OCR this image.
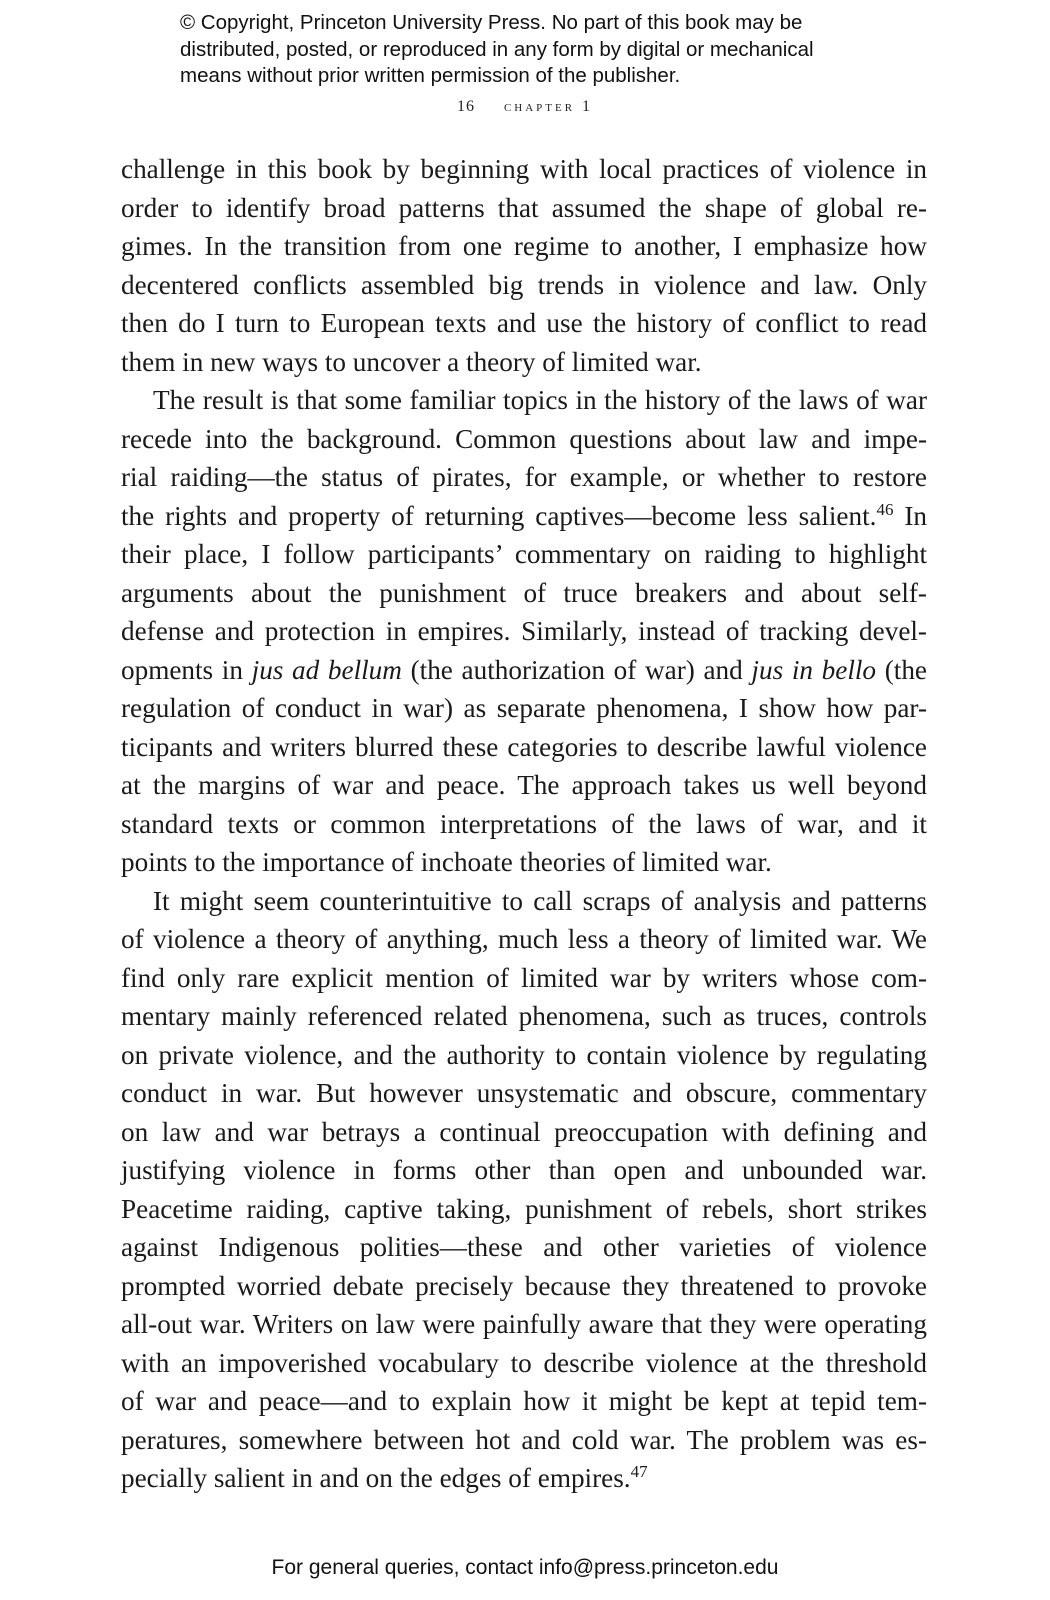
© Copyright, Princeton University Press. No part of this book may be
distributed, posted, or reproduced in any form by digital or mechanical
means without prior written permission of the publisher.
16 chapter 1
challenge in this book by beginning with local practices of violence in
order to identify broad patterns that assumed the shape of global re-
gimes. In the transition from one regime to another, I emphasize how
decentered conflicts assembled big trends in violence and law. Only
then do I turn to European texts and use the history of conflict to read
them in new ways to uncover a theory of limited war.
The result is that some familiar topics in the history of the laws of war
recede into the background. Common questions about law and impe-
rial raiding—the status of pirates, for example, or whether to restore
the rights and property of returning captives—become less salient.$^{46}$ In
their place, I follow participants’ commentary on raiding to highlight
arguments about the punishment of truce breakers and about self-
defense and protection in empires. Similarly, instead of tracking devel-
opments in jus ad bellum (the authorization of war) and jus in bello (the
regulation of conduct in war) as separate phenomena, I show how par-
ticipants and writers blurred these categories to describe lawful violence
at the margins of war and peace. The approach takes us well beyond
standard texts or common interpretations of the laws of war, and it
points to the importance of inchoate theories of limited war.
It might seem counterintuitive to call scraps of analysis and patterns
of violence a theory of anything, much less a theory of limited war. We
find only rare explicit mention of limited war by writers whose com-
mentary mainly referenced related phenomena, such as truces, controls
on private violence, and the authority to contain violence by regulating
conduct in war. But however unsystematic and obscure, commentary
on law and war betrays a continual preoccupation with defining and
justifying violence in forms other than open and unbounded war.
Peacetime raiding, captive taking, punishment of rebels, short strikes
against Indigenous polities—these and other varieties of violence
prompted worried debate precisely because they threatened to provoke
all-out war. Writers on law were painfully aware that they were operating
with an impoverished vocabulary to describe violence at the threshold
of war and peace—and to explain how it might be kept at tepid tem-
peratures, somewhere between hot and cold war. The problem was es-
pecially salient in and on the edges of empires.$^{47}$
For general queries, contact info@press.princeton.edu
